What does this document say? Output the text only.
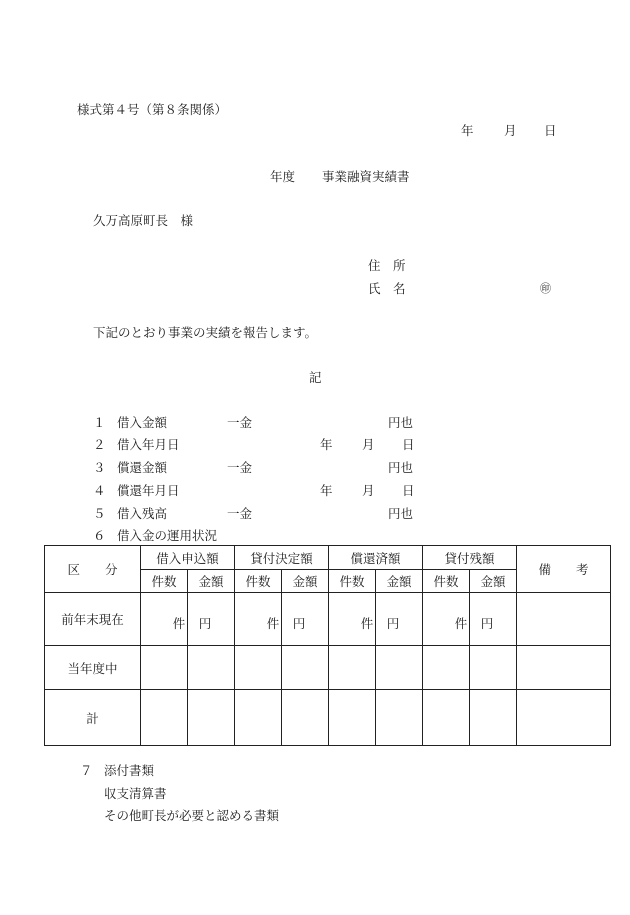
様式第４号（第８条関係）
年 月 日
年度 事業融資実績書
久万高原町長　様
住　所
氏　名	㊞
下記のとおり事業の実績を報告します。
記
１ 借入金額	一金	円也
２ 借入年月日	年 月 日
３ 償還金額	一金	円也
４ 償還年月日	年 月 日
５ 借入残高	一金	円也
６ 借入金の運用状況
区　　分	借入申込額		貸付決定額		償還済額		貸付残額		備　　考
	件数	金額	件数	金額	件数	金額	件数	金額	
前年末現在	件	円	件	円	件	円	件	円	
当年度中									
計									
７ 添付書類
収支清算書
その他町長が必要と認める書類
